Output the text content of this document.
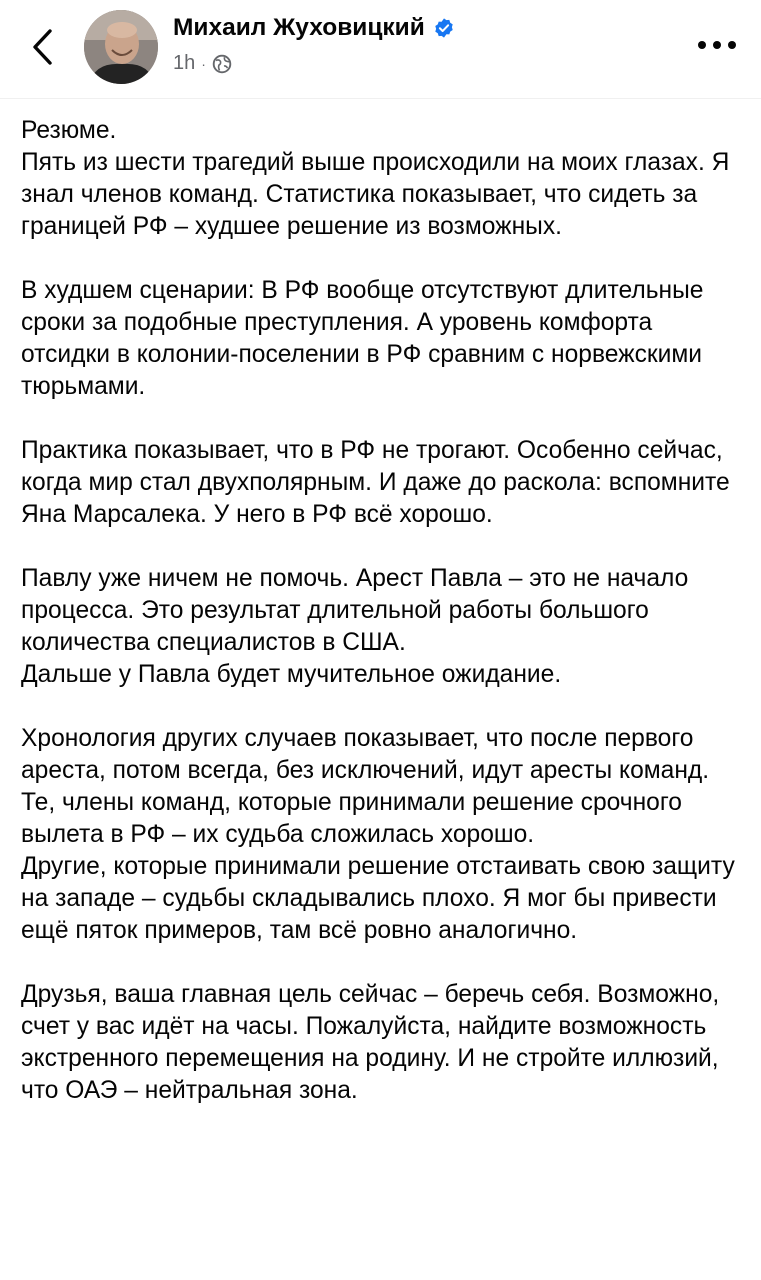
Михаил Жуховицкий
1h ·

Резюме.
Пять из шести трагедий выше происходили на моих глазах. Я знал членов команд. Статистика показывает, что сидеть за границей РФ – худшее решение из возможных.

В худшем сценарии: В РФ вообще отсутствуют длительные сроки за подобные преступления. А уровень комфорта отсидки в колонии-поселении в РФ сравним с норвежскими тюрьмами.

Практика показывает, что в РФ не трогают. Особенно сейчас, когда мир стал двухполярным. И даже до раскола: вспомните Яна Марсалека. У него в РФ всё хорошо.

Павлу уже ничем не помочь. Арест Павла – это не начало процесса. Это результат длительной работы большого количества специалистов в США.
Дальше у Павла будет мучительное ожидание.

Хронология других случаев показывает, что после первого ареста, потом всегда, без исключений, идут аресты команд. Те, члены команд, которые принимали решение срочного вылета в РФ – их судьба сложилась хорошо.
Другие, которые принимали решение отстаивать свою защиту на западе – судьбы складывались плохо. Я мог бы привести ещё пяток примеров, там всё ровно аналогично.

Друзья, ваша главная цель сейчас – беречь себя. Возможно, счет у вас идёт на часы. Пожалуйста, найдите возможность экстренного перемещения на родину. И не стройте иллюзий, что ОАЭ – нейтральная зона.
